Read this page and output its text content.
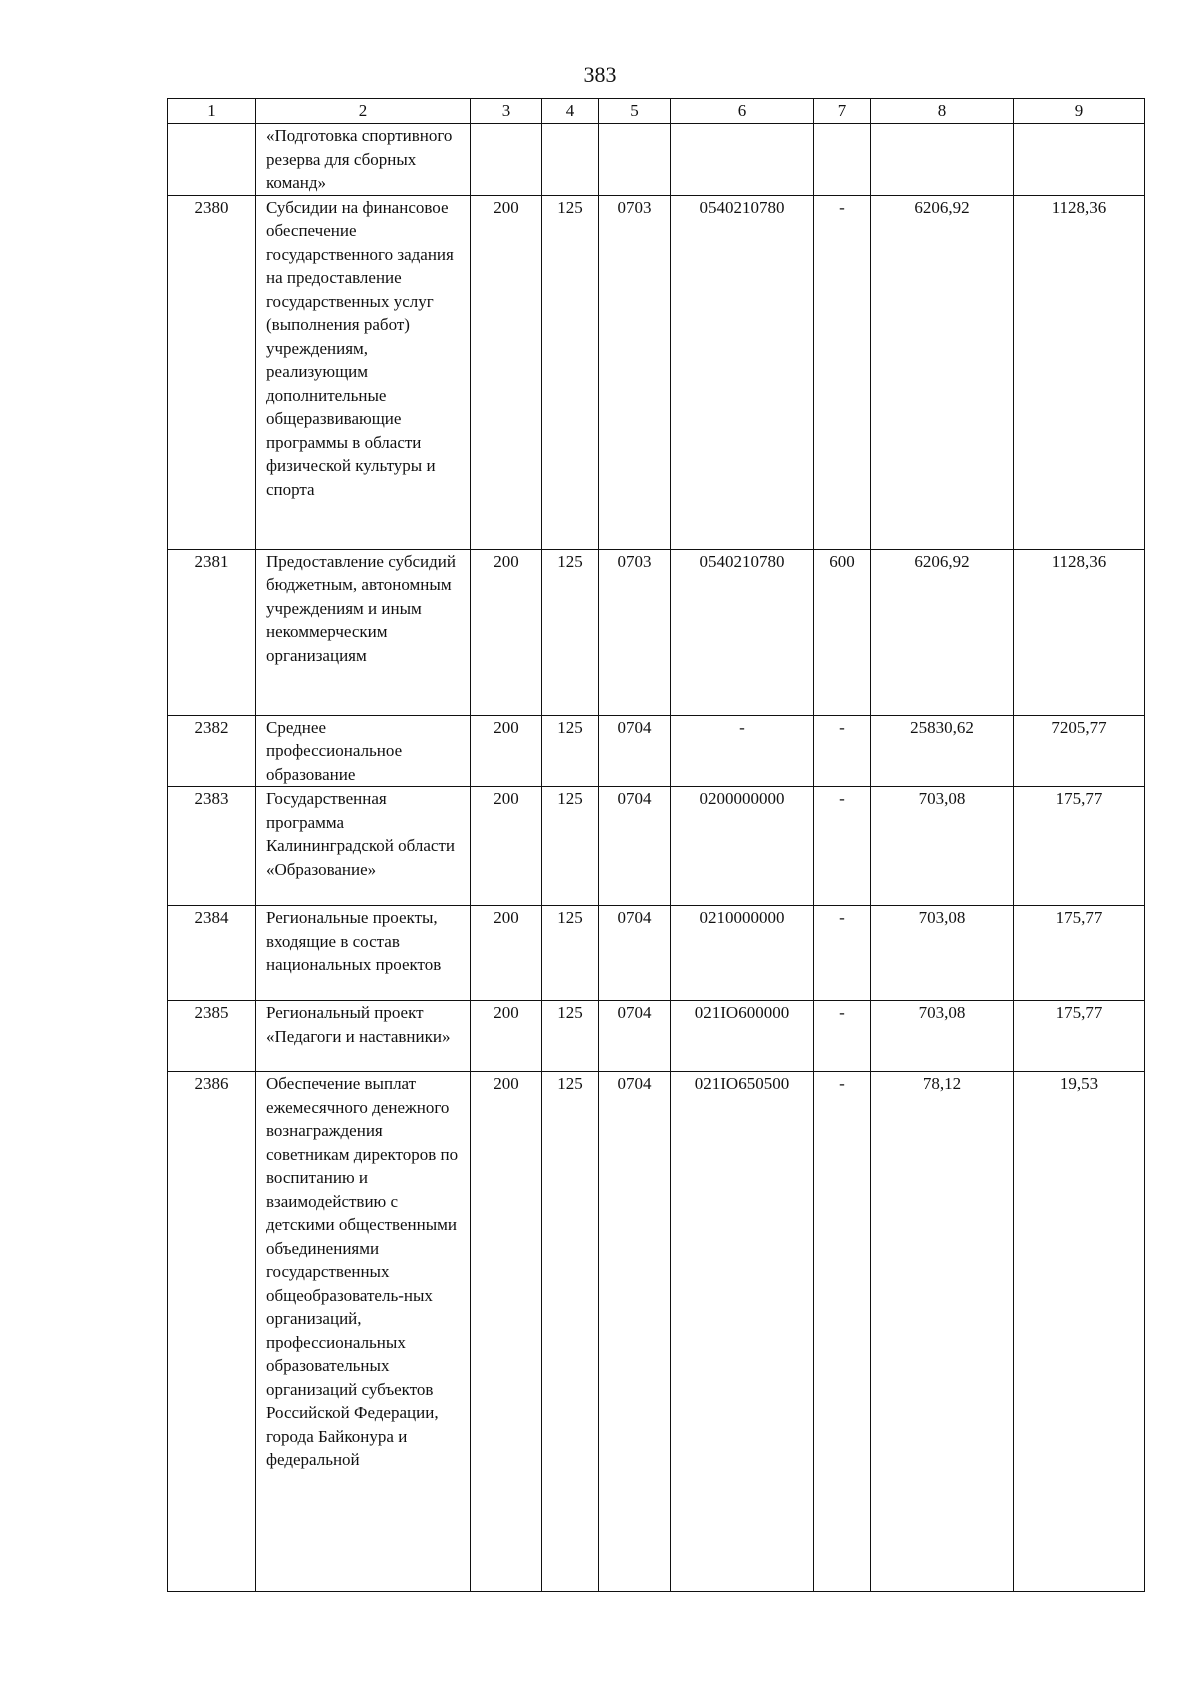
383
1	2	3	4	5	6	7	8	9
	«Подготовка спортивного резерва для сборных команд»							
2380	Субсидии на финансовое обеспечение государственного задания на предоставление государственных услуг (выполнения работ) учреждениям, реализующим дополнительные общеразвивающие программы в области физической культуры и спорта	200	125	0703	0540210780	-	6206,92	1128,36
2381	Предоставление субсидий бюджетным, автономным учреждениям и иным некоммерческим организациям	200	125	0703	0540210780	600	6206,92	1128,36
2382	Среднее профессиональное образование	200	125	0704	-	-	25830,62	7205,77
2383	Государственная программа Калининградской области «Образование»	200	125	0704	0200000000	-	703,08	175,77
2384	Региональные проекты, входящие в состав национальных проектов	200	125	0704	0210000000	-	703,08	175,77
2385	Региональный проект «Педагоги и наставники»	200	125	0704	021IO600000	-	703,08	175,77
2386	Обеспечение выплат ежемесячного денежного вознаграждения советникам директоров по воспитанию и взаимодействию с детскими общественными объединениями государственных общеобразователь-ных организаций, профессиональных образовательных организаций субъектов Российской Федерации, города Байконура и федеральной	200	125	0704	021IO650500	-	78,12	19,53
